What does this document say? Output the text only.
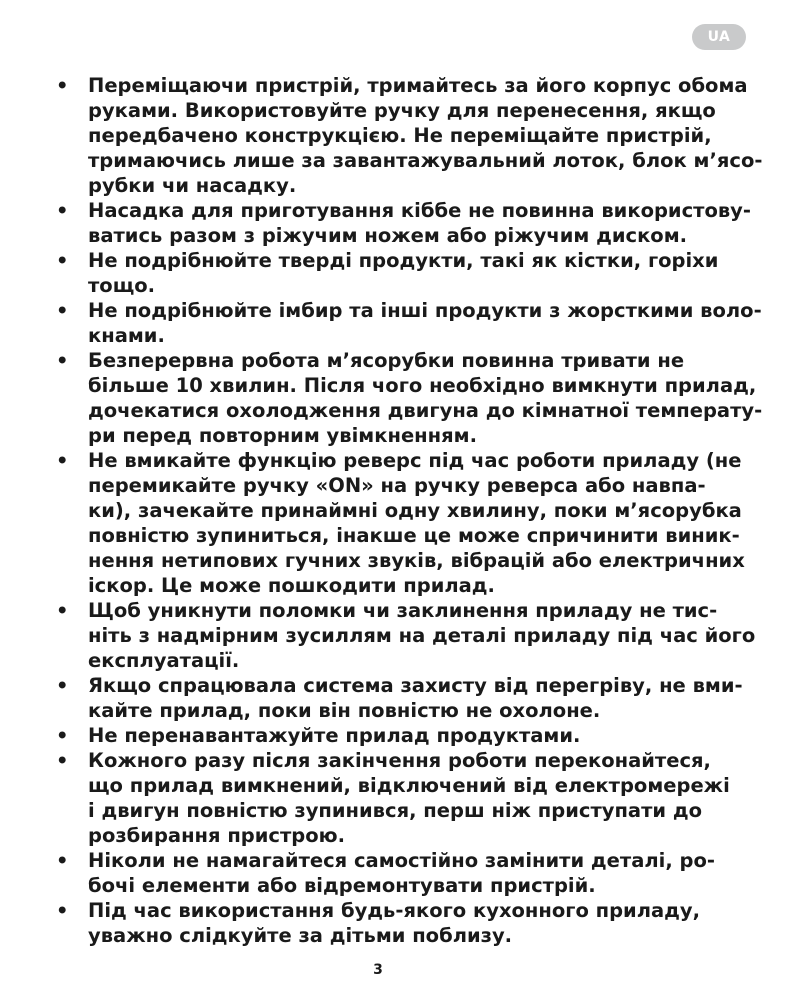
UA
• Переміщаючи пристрій, тримайтесь за його корпус обома
руками. Використовуйте ручку для перенесення, якщо
передбачено конструкцією. Не переміщайте пристрій,
тримаючись лише за завантажувальний лоток, блок м’ясо-
рубки чи насадку.
• Насадка для приготування кіббе не повинна використову-
ватись разом з ріжучим ножем або ріжучим диском.
• Не подрібнюйте тверді продукти, такі як кістки, горіхи
тощо.
• Не подрібнюйте імбир та інші продукти з жорсткими воло-
кнами.
• Безперервна робота м’ясорубки повинна тривати не
більше 10 хвилин. Після чого необхідно вимкнути прилад,
дочекатися охолодження двигуна до кімнатної температу-
ри перед повторним увімкненням.
• Не вмикайте функцію реверс під час роботи приладу (не
перемикайте ручку «ON» на ручку реверса або навпа-
ки), зачекайте принаймні одну хвилину, поки м’ясорубка
повністю зупиниться, інакше це може спричинити виник-
нення нетипових гучних звуків, вібрацій або електричних
іскор. Це може пошкодити прилад.
• Щоб уникнути поломки чи заклинення приладу не тис-
ніть з надмірним зусиллям на деталі приладу під час його
експлуатації.
• Якщо спрацювала система захисту від перегріву, не вми-
кайте прилад, поки він повністю не охолоне.
• Не перенавантажуйте прилад продуктами.
• Кожного разу після закінчення роботи переконайтеся,
що прилад вимкнений, відключений від електромережі
і двигун повністю зупинився, перш ніж приступати до
розбирання пристрою.
• Ніколи не намагайтеся самостійно замінити деталі, ро-
бочі елементи або відремонтувати пристрій.
• Під час використання будь-якого кухонного приладу,
уважно слідкуйте за дітьми поблизу.
3
